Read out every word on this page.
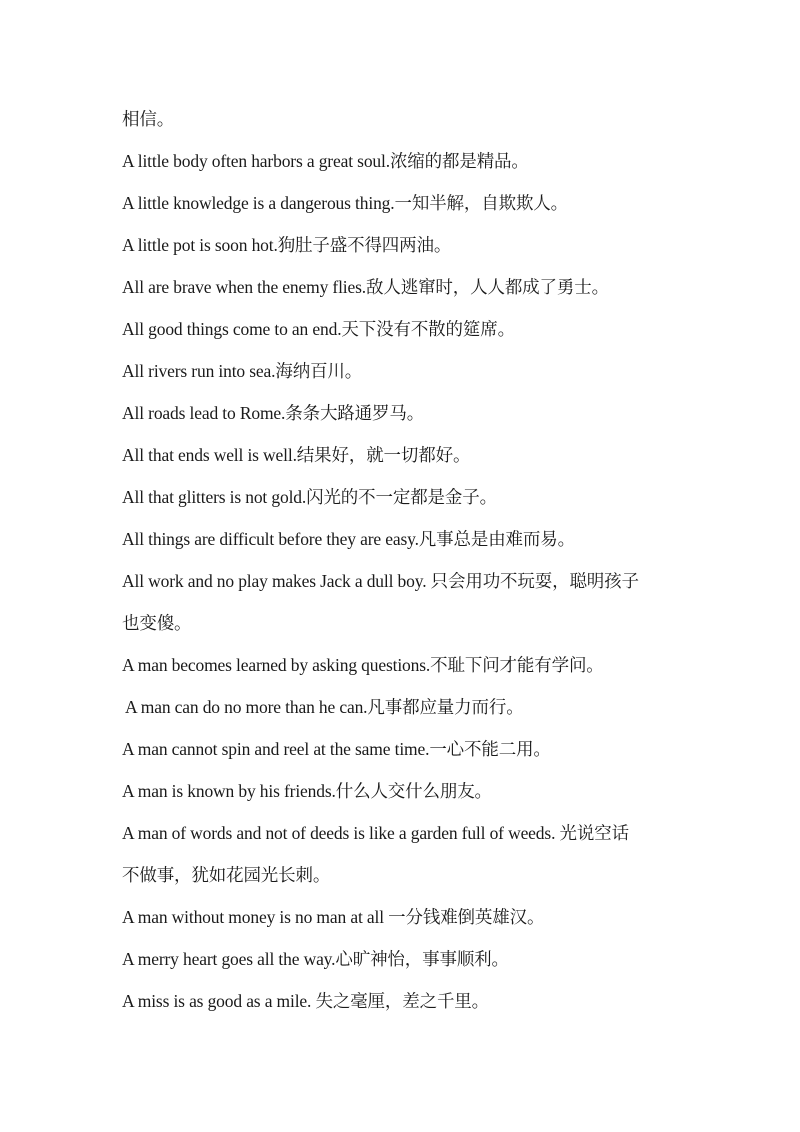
相信。
A little body often harbors a great soul.浓缩的都是精品。
A little knowledge is a dangerous thing.一知半解，自欺欺人。
A little pot is soon hot.狗肚子盛不得四两油。
All are brave when the enemy flies.敌人逃窜时，人人都成了勇士。
All good things come to an end.天下没有不散的筵席。
All rivers run into sea.海纳百川。
All roads lead to Rome.条条大路通罗马。
All that ends well is well.结果好，就一切都好。
All that glitters is not gold.闪光的不一定都是金子。
All things are difficult before they are easy.凡事总是由难而易。
All work and no play makes Jack a dull boy. 只会用功不玩耍，聪明孩子
也变傻。
A man becomes learned by asking questions.不耻下问才能有学问。
A man can do no more than he can.凡事都应量力而行。
A man cannot spin and reel at the same time.一心不能二用。
A man is known by his friends.什么人交什么朋友。
A man of words and not of deeds is like a garden full of weeds. 光说空话
不做事，犹如花园光长刺。
A man without money is no man at all 一分钱难倒英雄汉。
A merry heart goes all the way.心旷神怡，事事顺利。
A miss is as good as a mile. 失之毫厘，差之千里。
